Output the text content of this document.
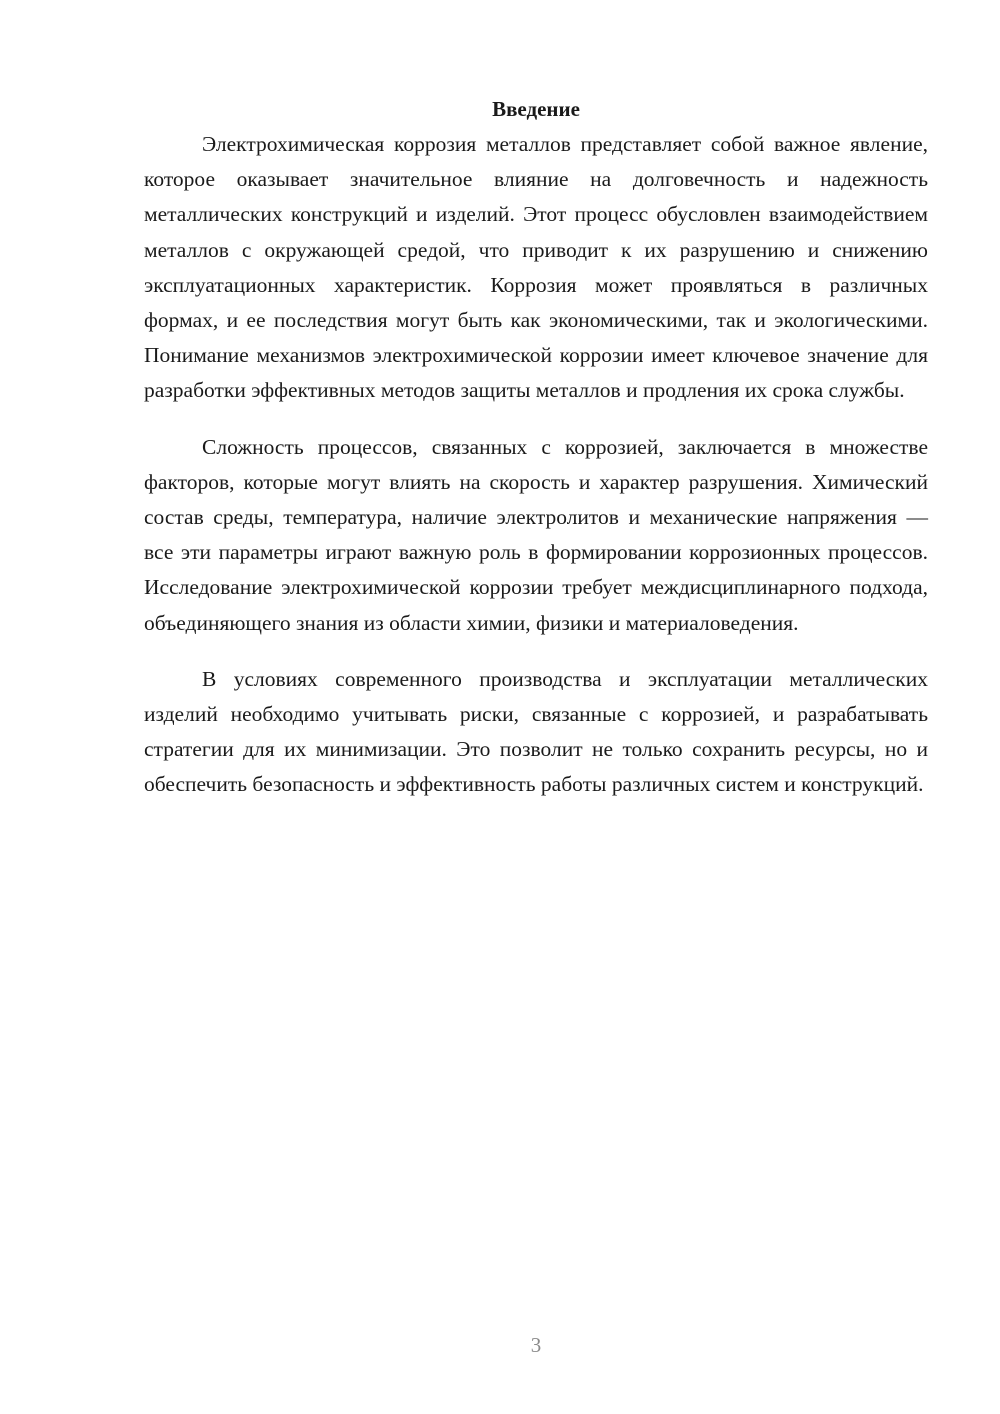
Введение

Электрохимическая коррозия металлов представляет собой важное явление, которое оказывает значительное влияние на долговечность и надежность металлических конструкций и изделий. Этот процесс обусловлен взаимодействием металлов с окружающей средой, что приводит к их разрушению и снижению эксплуатационных характеристик. Коррозия может проявляться в различных формах, и ее последствия могут быть как экономическими, так и экологическими. Понимание механизмов электрохимической коррозии имеет ключевое значение для разработки эффективных методов защиты металлов и продления их срока службы.

Сложность процессов, связанных с коррозией, заключается в множестве факторов, которые могут влиять на скорость и характер разрушения. Химический состав среды, температура, наличие электролитов и механические напряжения — все эти параметры играют важную роль в формировании коррозионных процессов. Исследование электрохимической коррозии требует междисциплинарного подхода, объединяющего знания из области химии, физики и материаловедения.

В условиях современного производства и эксплуатации металлических изделий необходимо учитывать риски, связанные с коррозией, и разрабатывать стратегии для их минимизации. Это позволит не только сохранить ресурсы, но и обеспечить безопасность и эффективность работы различных систем и конструкций.

3
